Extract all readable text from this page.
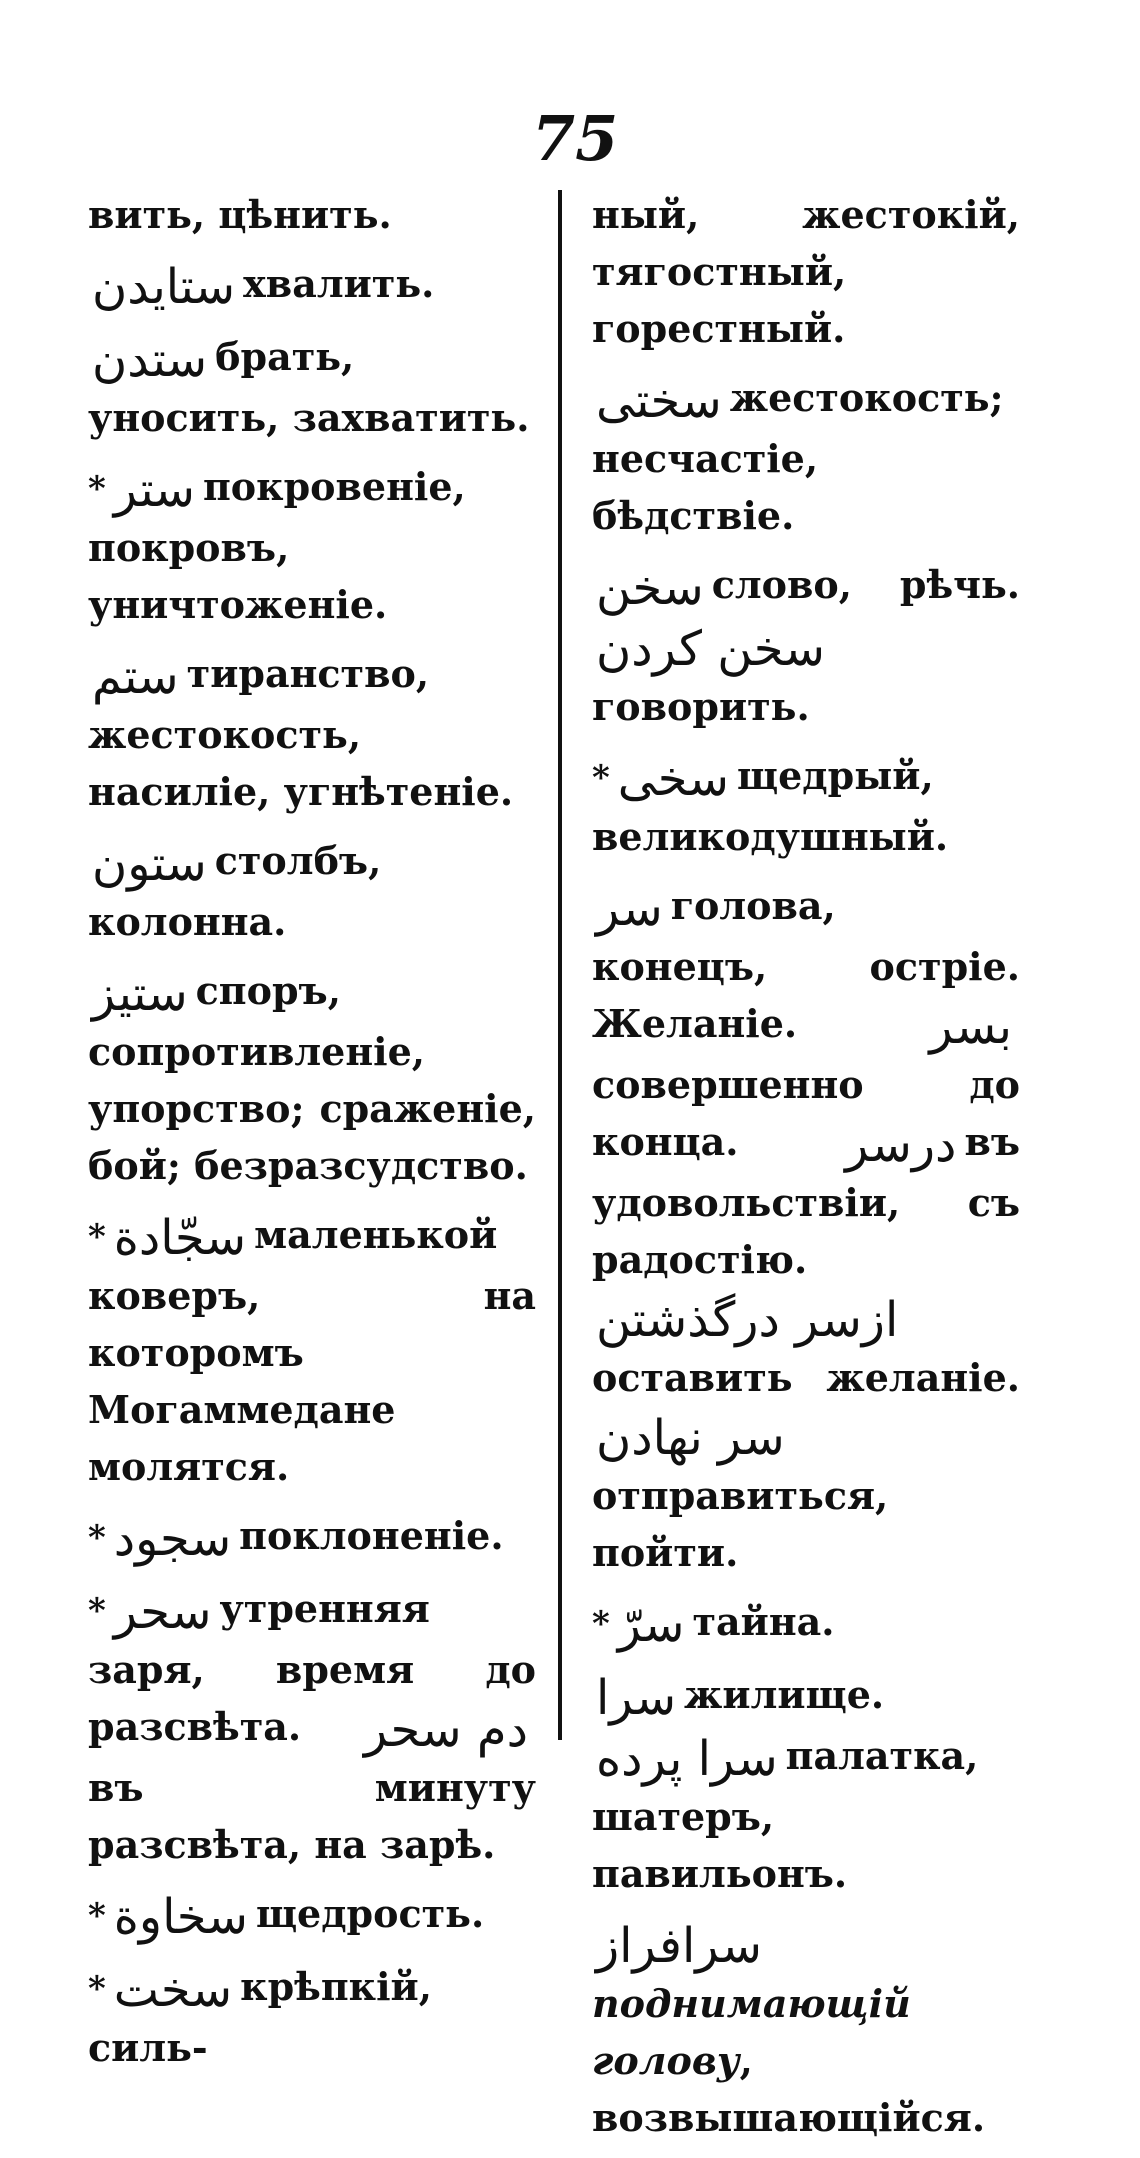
75
вить, цѣнить.
ستایدن хвалить.
ستدن брать, уносить, захватить.
* ستر покровенiе, покровъ, уничтоженiе.
ستم тиранство, жестокость, насилiе, угнѣтенiе.
ستون столбъ, колонна.
ستیز споръ, сопротивленiе, упорство; сраженiе, бой; безразсудство.
* سجّادة маленькой коверъ, на которомъ Могаммедане молятся.
* سجود поклоненiе.
* سحر утренняя заря, время до разсвѣта. دم سحرвъ минуту разсвѣта, на зарѣ.
* سخاوة щедрость.
* سخت крѣпкiй, силь-
ный, жестокiй, тягостный, горестный.
سختی жестокость; несчастiе, бѣдствiе.
سخن слово, рѣчь. سخن کردنговорить.
* سخی щедрый, великодушный.
سر голова, конецъ, острiе. Желанiе.	بسرсовершенно до конца. درسر въ удовольствiи, съ радостiю. ازسر درگذشتنоставить желанiе. سر نهادنотправиться, пойти.
* سرّ тайна.
سرا жилище. سرا پرده палатка, шатеръ, павильонъ.
سرافرازподнимающiй голову, возвышающiйся.
